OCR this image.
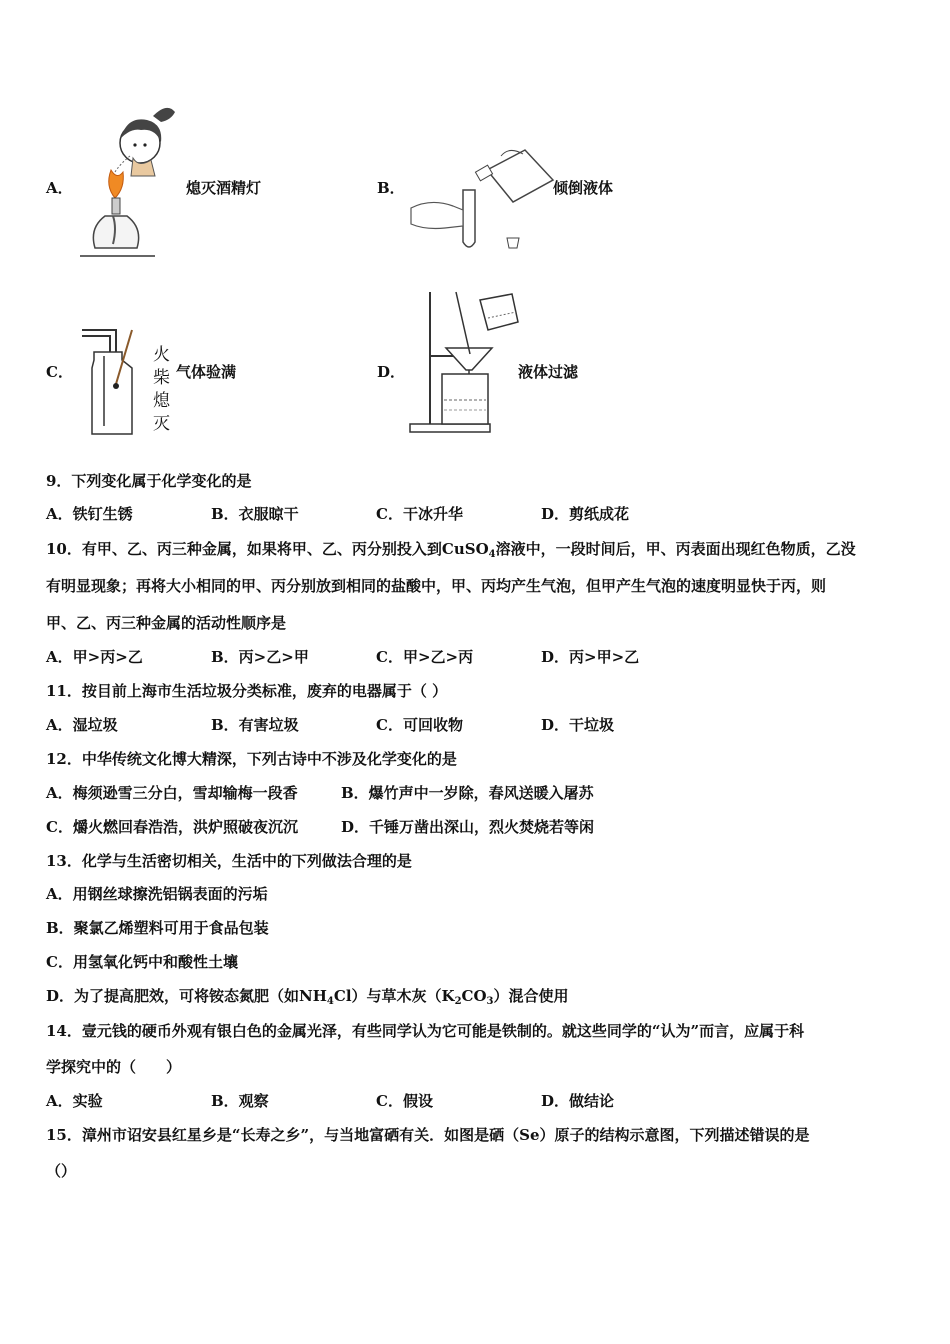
A．	熄灭酒精灯	B．	倾倒液体
C．
火
柴
熄
灭
气体验满	D．	液体过滤
9．下列变化属于化学变化的是
A．铁钉生锈	B．衣服晾干	C．干冰升华	D．剪纸成花
10．有甲、乙、丙三种金属，如果将甲、乙、丙分别投入到CuSO$_4$溶液中，一段时间后，甲、丙表面出现红色物质，乙没
有明显现象；再将大小相同的甲、丙分别放到相同的盐酸中，甲、丙均产生气泡，但甲产生气泡的速度明显快于丙，则
甲、乙、丙三种金属的活动性顺序是
A．甲>丙>乙	B．丙>乙>甲	C．甲>乙>丙	D．丙>甲>乙
11．按目前上海市生活垃圾分类标准，废弃的电器属于（ ）
A．湿垃圾	B．有害垃圾	C．可回收物	D．干垃圾
12．中华传统文化博大精深，下列古诗中不涉及化学变化的是
A．梅须逊雪三分白，雪却输梅一段香	B．爆竹声中一岁除，春风送暖入屠苏
C．爝火燃回春浩浩，洪炉照破夜沉沉	D．千锤万凿出深山，烈火焚烧若等闲
13．化学与生活密切相关，生活中的下列做法合理的是
A．用钢丝球擦洗铝锅表面的污垢
B．聚氯乙烯塑料可用于食品包装
C．用氢氧化钙中和酸性土壤
D．为了提高肥效，可将铵态氮肥（如$NH_4Cl$）与草木灰$(K_2CO_3)$混合使用
14．壹元钱的硬币外观有银白色的金属光泽，有些同学认为它可能是铁制的。就这些同学的“认为”而言，应属于科
学探究中的（　　）
A．实验	B．观察	C．假设	D．做结论
15．漳州市诏安县红星乡是“长寿之乡”，与当地富硒有关．如图是硒（Se）原子的结构示意图，下列描述错误的是
（）
